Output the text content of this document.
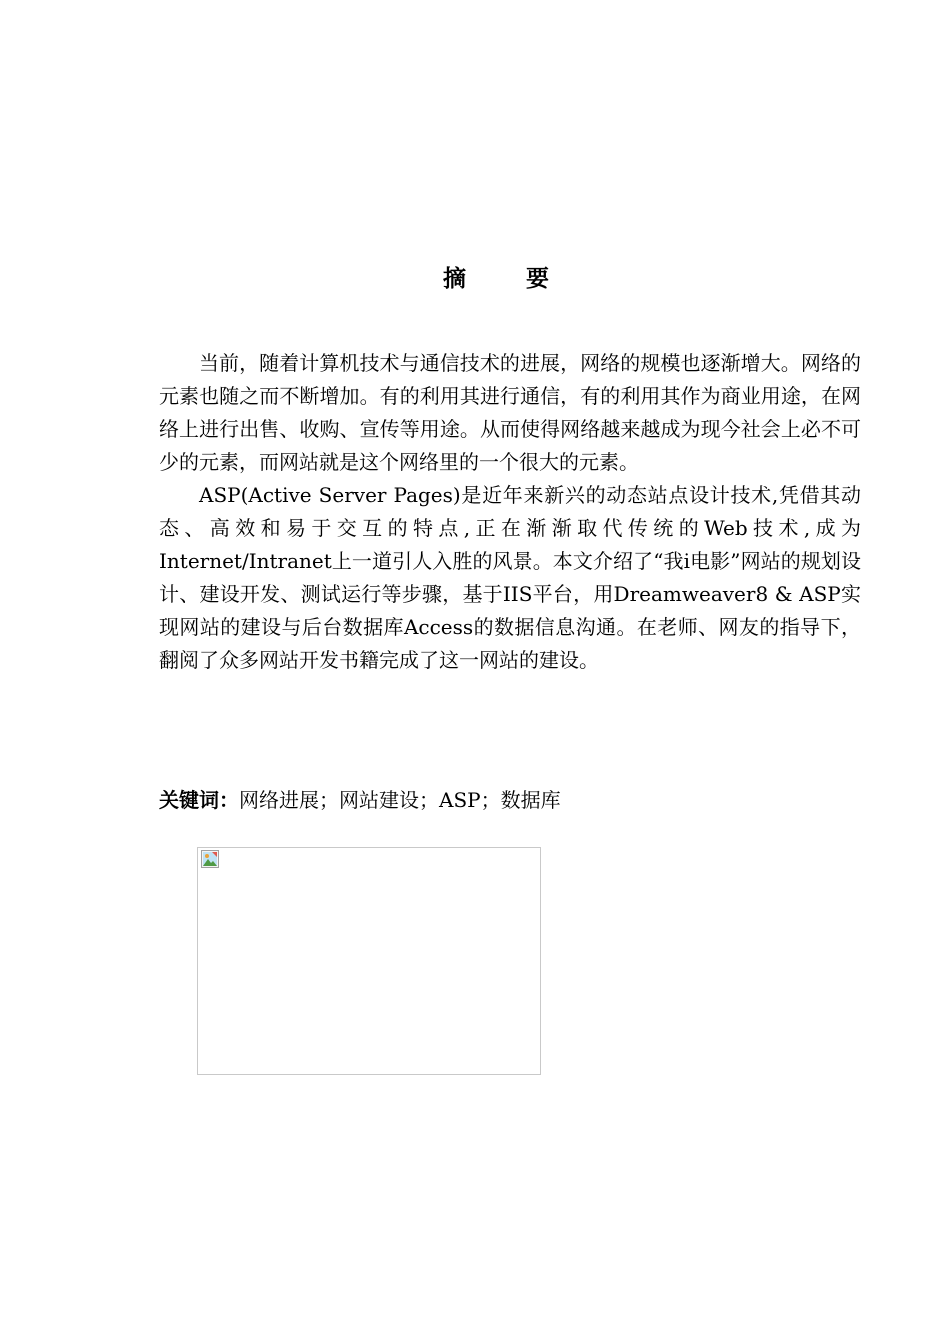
摘 要

当前，随着计算机技术与通信技术的进展，网络的规模也逐渐增大。网络的元素也随之而不断增加。有的利用其进行通信，有的利用其作为商业用途，在网络上进行出售、收购、宣传等用途。从而使得网络越来越成为现今社会上必不可少的元素，而网站就是这个网络里的一个很大的元素。

ASP(Active Server Pages)是近年来新兴的动态站点设计技术,凭借其动态、高效和易于交互的特点,正在渐渐取代传统的Web技术,成为Internet/Intranet上一道引人入胜的风景。本文介绍了“我i电影”网站的规划设计、建设开发、测试运行等步骤，基于IIS平台，用Dreamweaver8 & ASP实现网站的建设与后台数据库Access的数据信息沟通。在老师、网友的指导下，翻阅了众多网站开发书籍完成了这一网站的建设。

关键词：网络进展；网站建设；ASP；数据库
